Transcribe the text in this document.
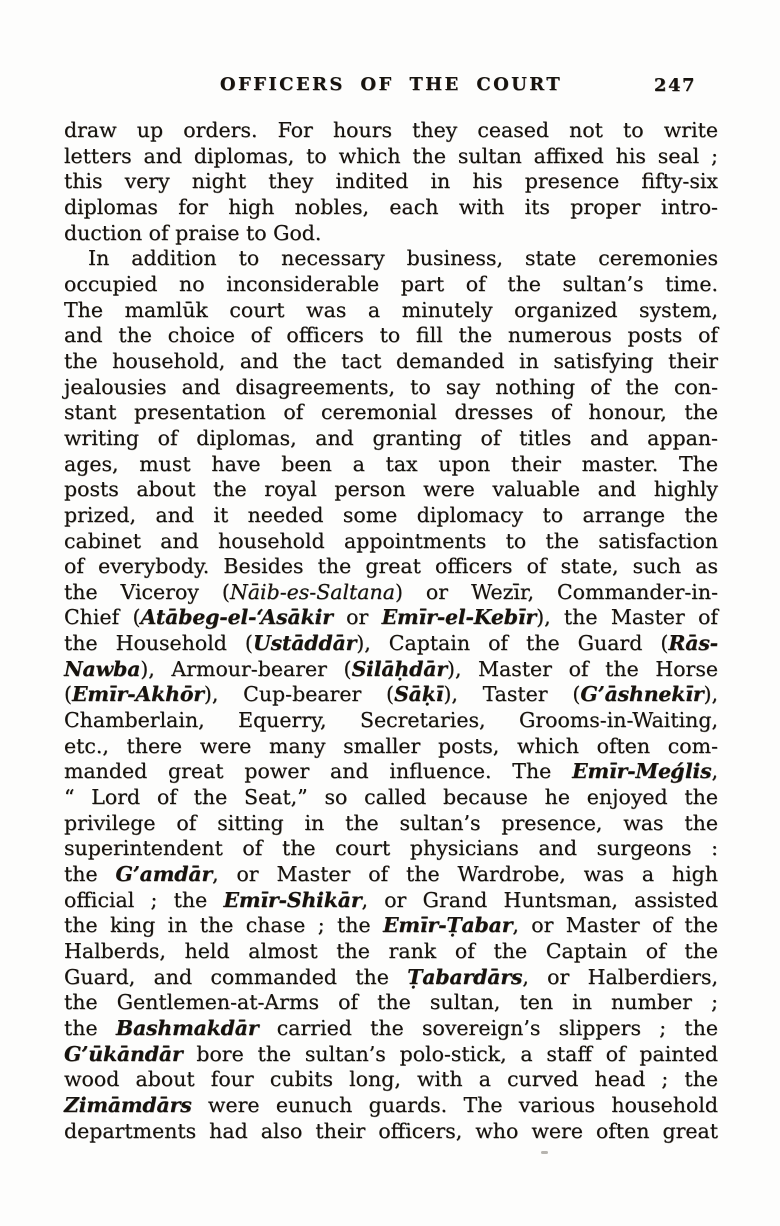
OFFICERS OF THE COURT	247
draw up orders. For hours they ceased not to write
letters and diplomas, to which the sultan affixed his seal ;
this very night they indited in his presence fifty-six
diplomas for high nobles, each with its proper intro-
duction of praise to God.
In addition to necessary business, state ceremonies
occupied no inconsiderable part of the sultan’s time.
The mamlūk court was a minutely organized system,
and the choice of officers to fill the numerous posts of
the household, and the tact demanded in satisfying their
jealousies and disagreements, to say nothing of the con-
stant presentation of ceremonial dresses of honour, the
writing of diplomas, and granting of titles and appan-
ages, must have been a tax upon their master. The
posts about the royal person were valuable and highly
prized, and it needed some diplomacy to arrange the
cabinet and household appointments to the satisfaction
of everybody. Besides the great officers of state, such as
the Viceroy (Nāib-es-Saltana) or Wezīr, Commander-in-
Chief (Atābeg-el-ʻAsākir or Emīr-el-Kebīr), the Master of
the Household (Ustāddār), Captain of the Guard (Rās-
Nawba), Armour-bearer (Silāḥdār), Master of the Horse
(Emīr-Akhōr), Cup-bearer (Sāḳī), Taster (G’āshnekīr),
Chamberlain, Equerry, Secretaries, Grooms-in-Waiting,
etc., there were many smaller posts, which often com-
manded great power and influence. The Emīr-Meǵlis,
“ Lord of the Seat,” so called because he enjoyed the
privilege of sitting in the sultan’s presence, was the
superintendent of the court physicians and surgeons :
the G’amdār, or Master of the Wardrobe, was a high
official ; the Emīr-Shikār, or Grand Huntsman, assisted
the king in the chase ; the Emīr-Ṭabar, or Master of the
Halberds, held almost the rank of the Captain of the
Guard, and commanded the Ṭabardārs, or Halberdiers,
the Gentlemen-at-Arms of the sultan, ten in number ;
the Bashmakdār carried the sovereign’s slippers ; the
G’ūkāndār bore the sultan’s polo-stick, a staff of painted
wood about four cubits long, with a curved head ; the
Zimāmdārs were eunuch guards. The various household
departments had also their officers, who were often great
